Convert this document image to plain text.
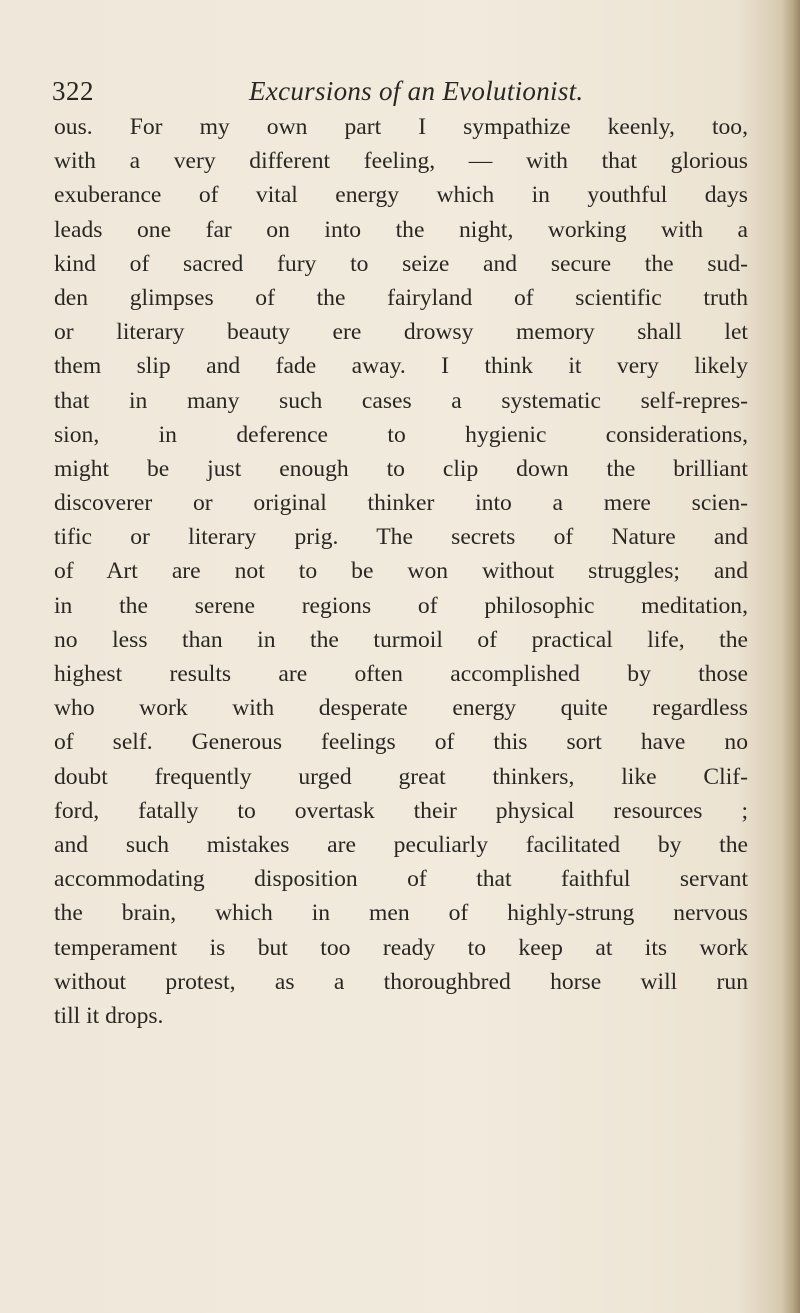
322	Excursions of an Evolutionist.
ous. For my own part I sympathize keenly, too,
with a very different feeling, — with that glorious
exuberance of vital energy which in youthful days
leads one far on into the night, working with a
kind of sacred fury to seize and secure the sud-
den glimpses of the fairyland of scientific truth
or literary beauty ere drowsy memory shall let
them slip and fade away. I think it very likely
that in many such cases a systematic self-repres-
sion, in deference to hygienic considerations,
might be just enough to clip down the brilliant
discoverer or original thinker into a mere scien-
tific or literary prig. The secrets of Nature and
of Art are not to be won without struggles; and
in the serene regions of philosophic meditation,
no less than in the turmoil of practical life, the
highest results are often accomplished by those
who work with desperate energy quite regardless
of self. Generous feelings of this sort have no
doubt frequently urged great thinkers, like Clif-
ford, fatally to overtask their physical resources ;
and such mistakes are peculiarly facilitated by the
accommodating disposition of that faithful servant
the brain, which in men of highly-strung nervous
temperament is but too ready to keep at its work
without protest, as a thoroughbred horse will run
till it drops.
